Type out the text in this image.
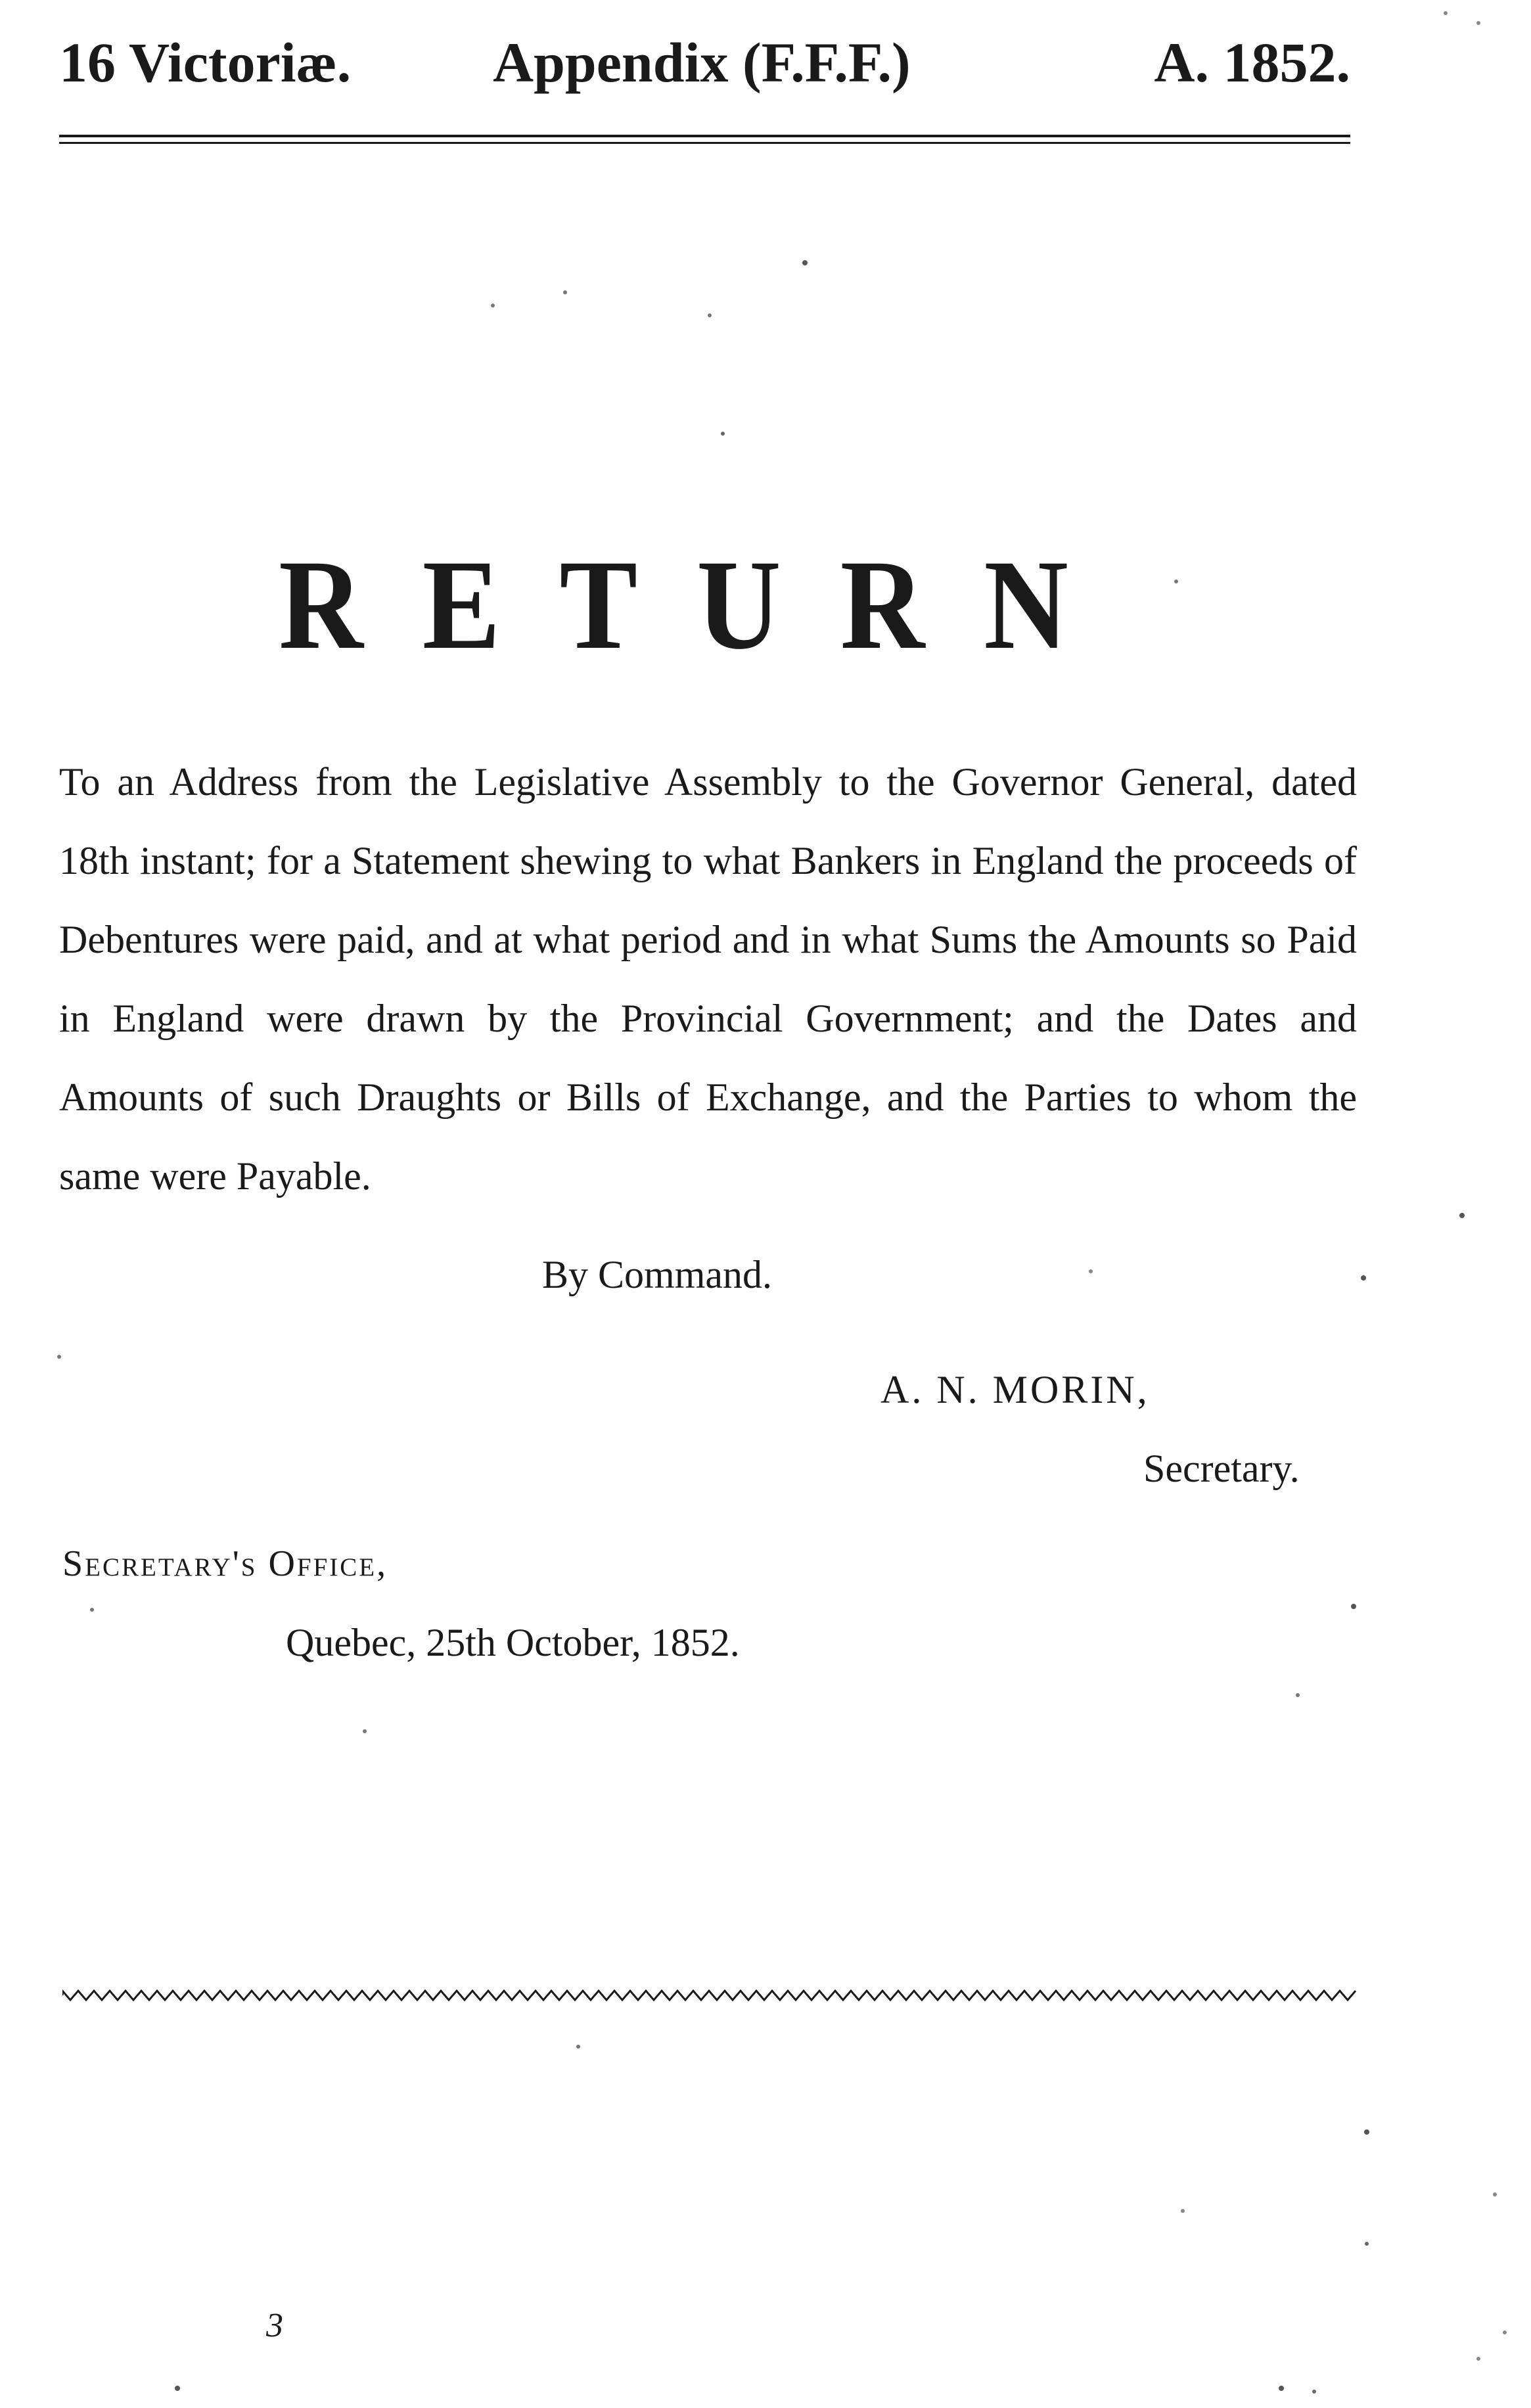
16 Victoriæ.	Appendix (F.F.F.)	A. 1852.
RETURN
To an Address from the Legislative Assembly to the Governor General, dated 18th instant; for a Statement shewing to what Bankers in England the proceeds of Debentures were paid, and at what period and in what Sums the Amounts so Paid in England were drawn by the Provincial Government; and the Dates and Amounts of such Draughts or Bills of Exchange, and the Parties to whom the same were Payable.
By Command.
A. N. MORIN,
Secretary.
Secretary's Office,
Quebec, 25th October, 1852.
3
